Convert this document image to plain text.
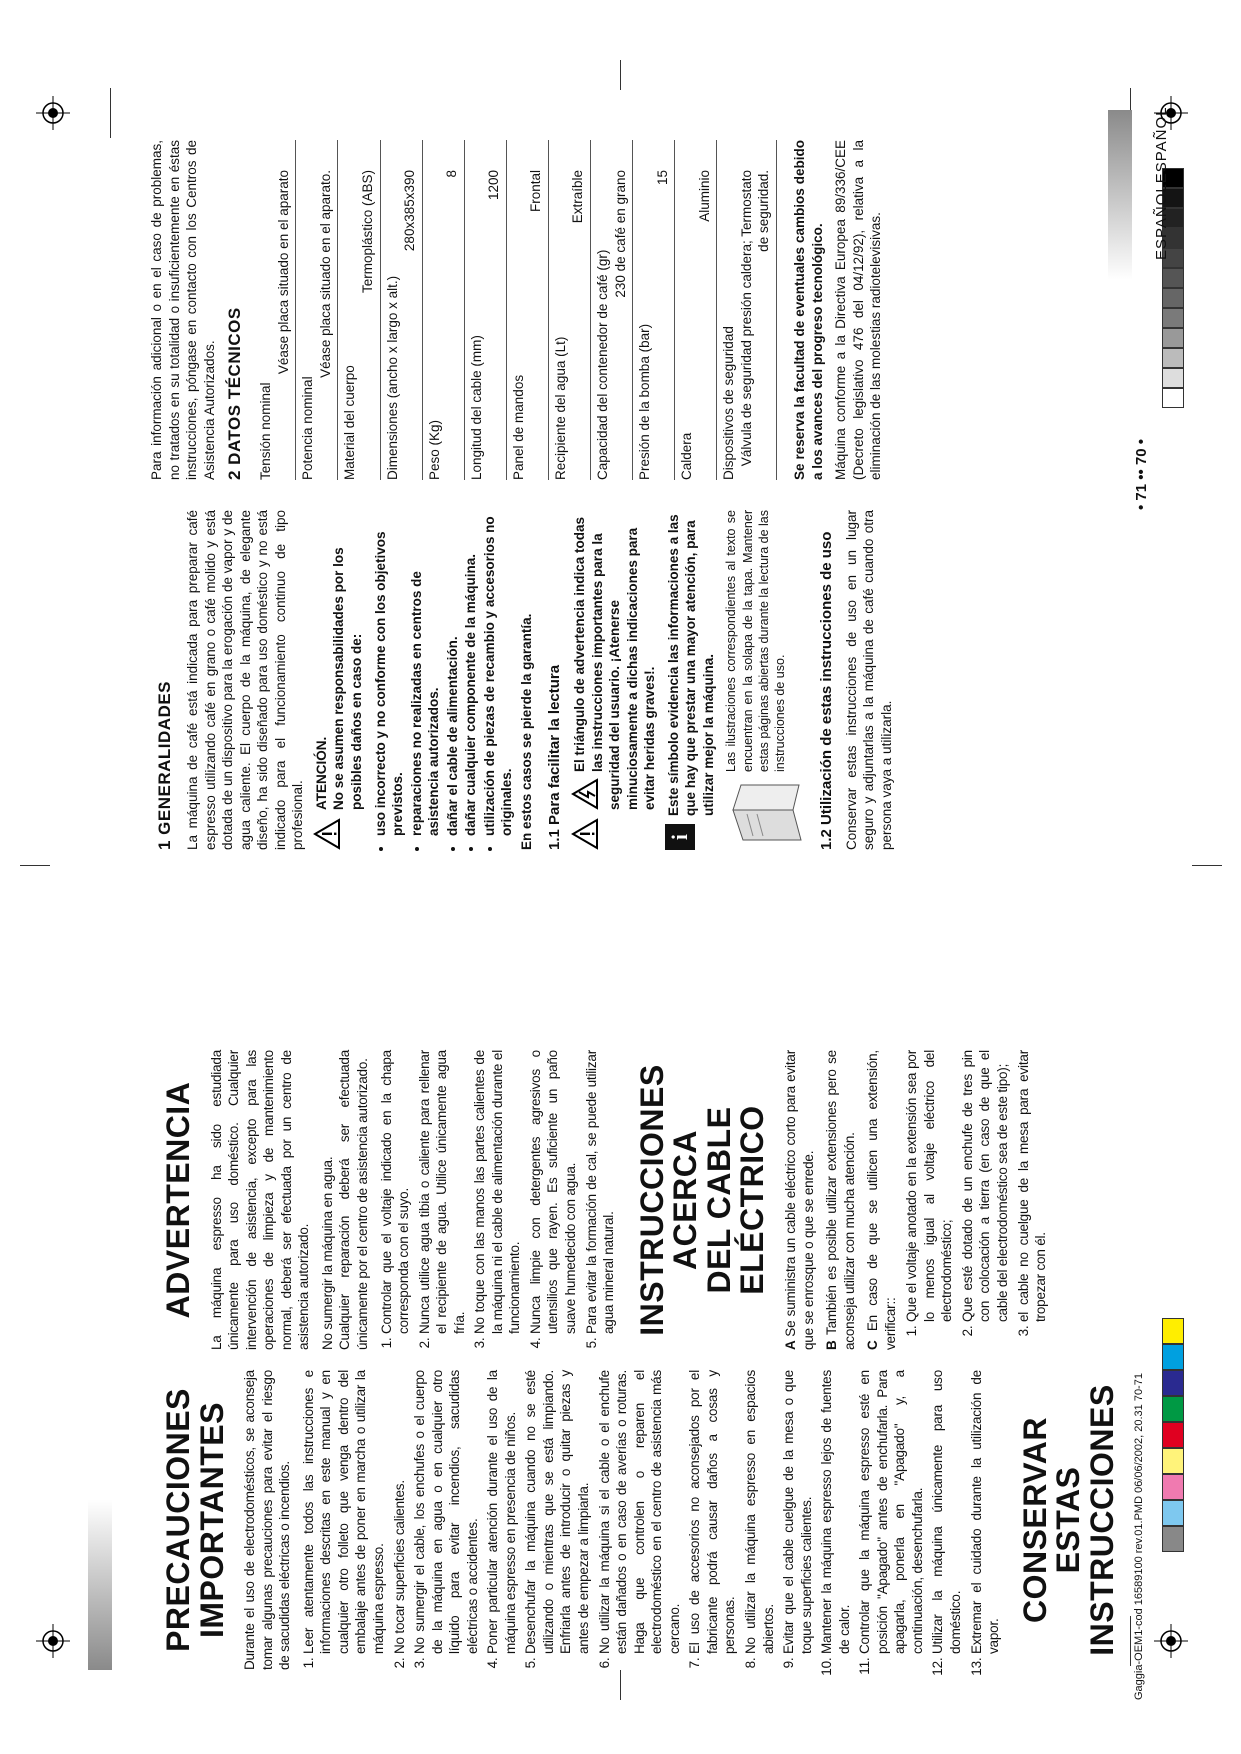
Gaggia-OEM1-cod 16589100 rev.01.PMD 06/06/2002, 20.31 70-71
PRECAUCIONES
IMPORTANTES Durante el uso de electrodomésticos, se aconseja tomar algunas precauciones para evitar el riesgo de sacudidas eléctricas o incendios. 1. Leer atentamente todos las instrucciones e informaciones descritas en este manual y en cualquier otro folleto que venga dentro del embalaje antes de poner en marcha o utilizar la máquina espresso. 2. No tocar superficies calientes. 3. No sumergir el cable, los enchufes o el cuerpo de la máquina en agua o en cualquier otro líquido para evitar incendios, sacudidas eléctricas o accidentes. 4. Poner particular atención durante el uso de la máquina espresso en presencia de niños. 5. Desenchufar la máquina cuando no se esté utilizando o mientras que se está limpiando. Enfriarla antes de introducir o quitar piezas y antes de empezar a limpiarla. 6. No utilizar la máquina si el cable o el enchufe están dañados o en caso de averías o roturas. Haga que controlen o reparen el electrodoméstico en el centro de asistencia más cercano. 7. El uso de accesorios no aconsejados por el fabricante podrá causar daños a cosas y personas. 8. No utilizar la máquina espresso en espacios abiertos. 9. Evitar que el cable cuelgue de la mesa o que toque superficies calientes. 10. Mantener la máquina espresso lejos de fuentes de calor. 11. Controlar que la máquina espresso esté en posición "Apagado" antes de enchufarla. Para apagarla, ponerla en "Apagado" y, a continuación, desenchufarla. 12. Utilizar la máquina únicamente para uso doméstico. 13. Extremar el cuidado durante la utilización de vapor.
CONSERVAR ESTAS
INSTRUCCIONES
ADVERTENCIA La máquina espresso ha sido estudiada únicamente para uso doméstico. Cualquier intervención de asistencia, excepto para las operaciones de limpieza y de mantenimiento normal, deberá ser efectuada por un centro de asistencia autorizado. No sumergir la máquina en agua. Cualquier reparación deberá ser efectuada únicamente por el centro de asistencia autorizado. 1. Controlar que el voltaje indicado en la chapa corresponda con el suyo. 2. Nunca utilice agua tibia o caliente para rellenar el recipiente de agua. Utilice únicamente agua fría. 3. No toque con las manos las partes calientes de la máquina ni el cable de alimentación durante el funcionamiento. 4. Nunca limpie con detergentes agresivos o utensilios que rayen. Es suficiente un paño suave humedecido con agua. 5. Para evitar la formación de cal, se puede utilizar agua mineral natural. INSTRUCCIONES ACERCA
DEL CABLE ELÉCTRICO

A Se suministra un cable eléctrico corto para evitar que se enrosque o que se enrede. B También es posible utilizar extensiones pero se aconseja utilizar con mucha atención. C En caso de que se utilicen una extensión, verificar::

1. Que el voltaje anotado en la extensión sea por lo menos igual al voltaje eléctrico del electrodoméstico; 2. Que esté dotado de un enchufe de tres pin con colocación a tierra (en caso de que el cable del electrodoméstico sea de este tipo); 3. el cable no cuelgue de la mesa para evitar tropezar con él.
1 GENERALIDADES La máquina de café está indicada para preparar café espresso utilizando café en grano o café molido y está dotada de un dispositivo para la erogación de vapor y de agua caliente. El cuerpo de la máquina, de elegante diseño, ha sido diseñado para uso doméstico y no está indicado para el funcionamiento continuo de tipo profesional.

ATENCIÓN. No se asumen responsabilidades por los posibles daños en caso de: • uso incorrecto y no conforme con los objetivos previstos. • reparaciones no realizadas en centros de asistencia autorizados. • dañar el cable de alimentación. • dañar cualquier componente de la máquina. • utilización de piezas de recambio y accesorios no originales. En estos casos se pierde la garantía. 1.1 Para facilitar la lectura El triángulo de advertencia indica todas las instrucciones importantes para la seguridad del usuario. ¡Atenerse minuciosamente a dichas indicaciones para evitar heridas graves!.
i
Este símbolo evidencia las informaciones a las que hay que prestar una mayor atención, para utilizar mejor la máquina. Las ilustraciones correspondientes al texto se encuentran en la solapa de la tapa. Mantener estas páginas abiertas durante la lectura de las instrucciones de uso. 1.2 Utilización de estas instrucciones de uso Conservar estas instrucciones de uso en un lugar seguro y adjuntarlas a la máquina de café cuando otra persona vaya a utilizarla.

Para información adicional o en el caso de problemas, no tratados en su totalidad o insuficientemente en éstas instrucciones, póngase en contacto con los Centros de Asistencia Autorizados. 2 DATOS TÉCNICOS Tensión nominal
Véase placa situado en el aparato
Potencia nominal
Véase placa situado en el aparato.
Material del cuerpo
Termoplástico (ABS)
Dimensiones (ancho x largo x alt.)
280x385x390
Peso (Kg)
8
Longitud del cable (mm)
1200
Panel de mandos
Frontal
Recipiente del agua (Lt)
Extraíble
Capacidad del contenedor de café (gr)
230 de café en grano
Presión de la bomba (bar)
15
Caldera
Aluminio
Dispositivos de seguridad Válvula de seguridad presión caldera; Termostato de seguridad. Se reserva la facultad de eventuales cambios debido a los avances del progreso tecnológico. Máquina conforme a la Directiva Europea 89/336/CEE (Decreto legislativo 476 del 04/12/92), relativa a la eliminación de las molestias radiotelevisivas.

ESPAÑOLESPAÑOL
• 71 •• 70 •
